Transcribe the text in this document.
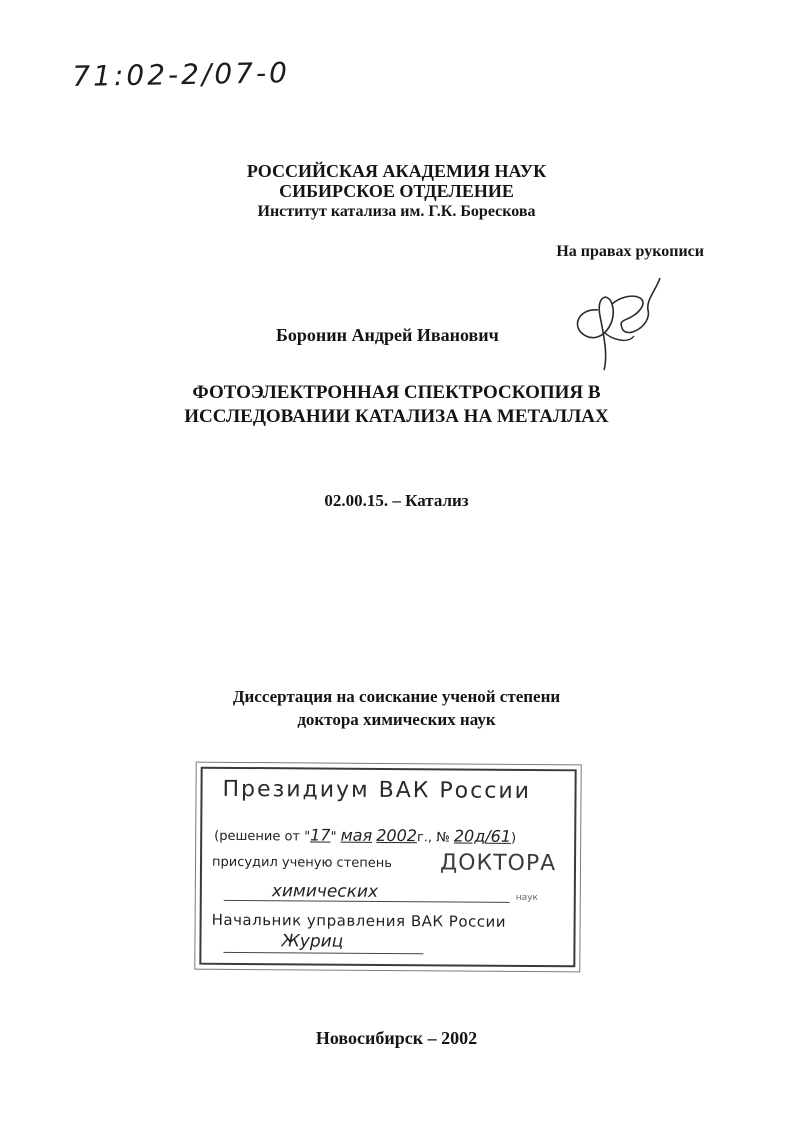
71:02-2/07-0
РОССИЙСКАЯ АКАДЕМИЯ НАУК
СИБИРСКОЕ ОТДЕЛЕНИЕ
Институт катализа им. Г.К. Борескова
На правах рукописи
Боронин Андрей Иванович
ФОТОЭЛЕКТРОННАЯ СПЕКТРОСКОПИЯ В
ИССЛЕДОВАНИИ КАТАЛИЗА НА МЕТАЛЛАХ
02.00.15. – Катализ
Диссертация на соискание ученой степени
доктора химических наук
Президиум ВАК России
(решение от "17" мая 2002г., № 20д/61)
присудил ученую степень ДОКТОРА
химических	наук
Начальник управления ВАК России
Журиц
Новосибирск – 2002
